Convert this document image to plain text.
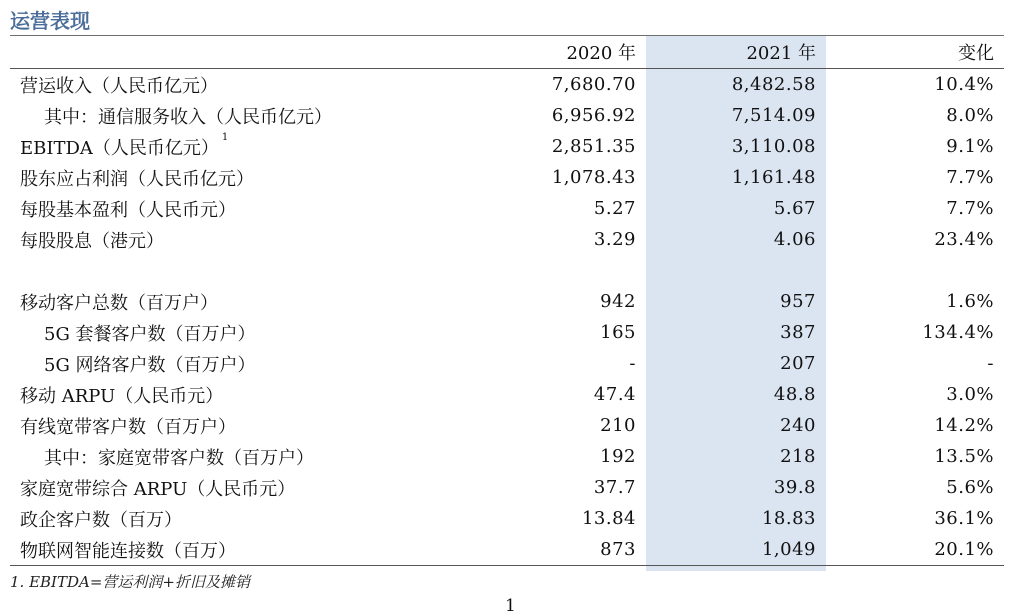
运营表现
	2020 年	2021 年	变化
营运收入（人民币亿元）	7,680.70	8,482.58	10.4%
其中：通信服务收入（人民币亿元）	6,956.92	7,514.09	8.0%
EBITDA（人民币亿元）$^1$	2,851.35	3,110.08	9.1%
股东应占利润（人民币亿元）	1,078.43	1,161.48	7.7%
每股基本盈利（人民币元）	5.27	5.67	7.7%
每股股息（港元）	3.29	4.06	23.4%

移动客户总数（百万户）	942	957	1.6%
5G 套餐客户数（百万户）	165	387	134.4%
5G 网络客户数（百万户）	-	207	-
移动 ARPU（人民币元）	47.4	48.8	3.0%
有线宽带客户数（百万户）	210	240	14.2%
其中：家庭宽带客户数（百万户）	192	218	13.5%
家庭宽带综合 ARPU（人民币元）	37.7	39.8	5.6%
政企客户数（百万）	13.84	18.83	36.1%
物联网智能连接数（百万）	873	1,049	20.1%
1. EBITDA=营运利润+折旧及摊销
1
